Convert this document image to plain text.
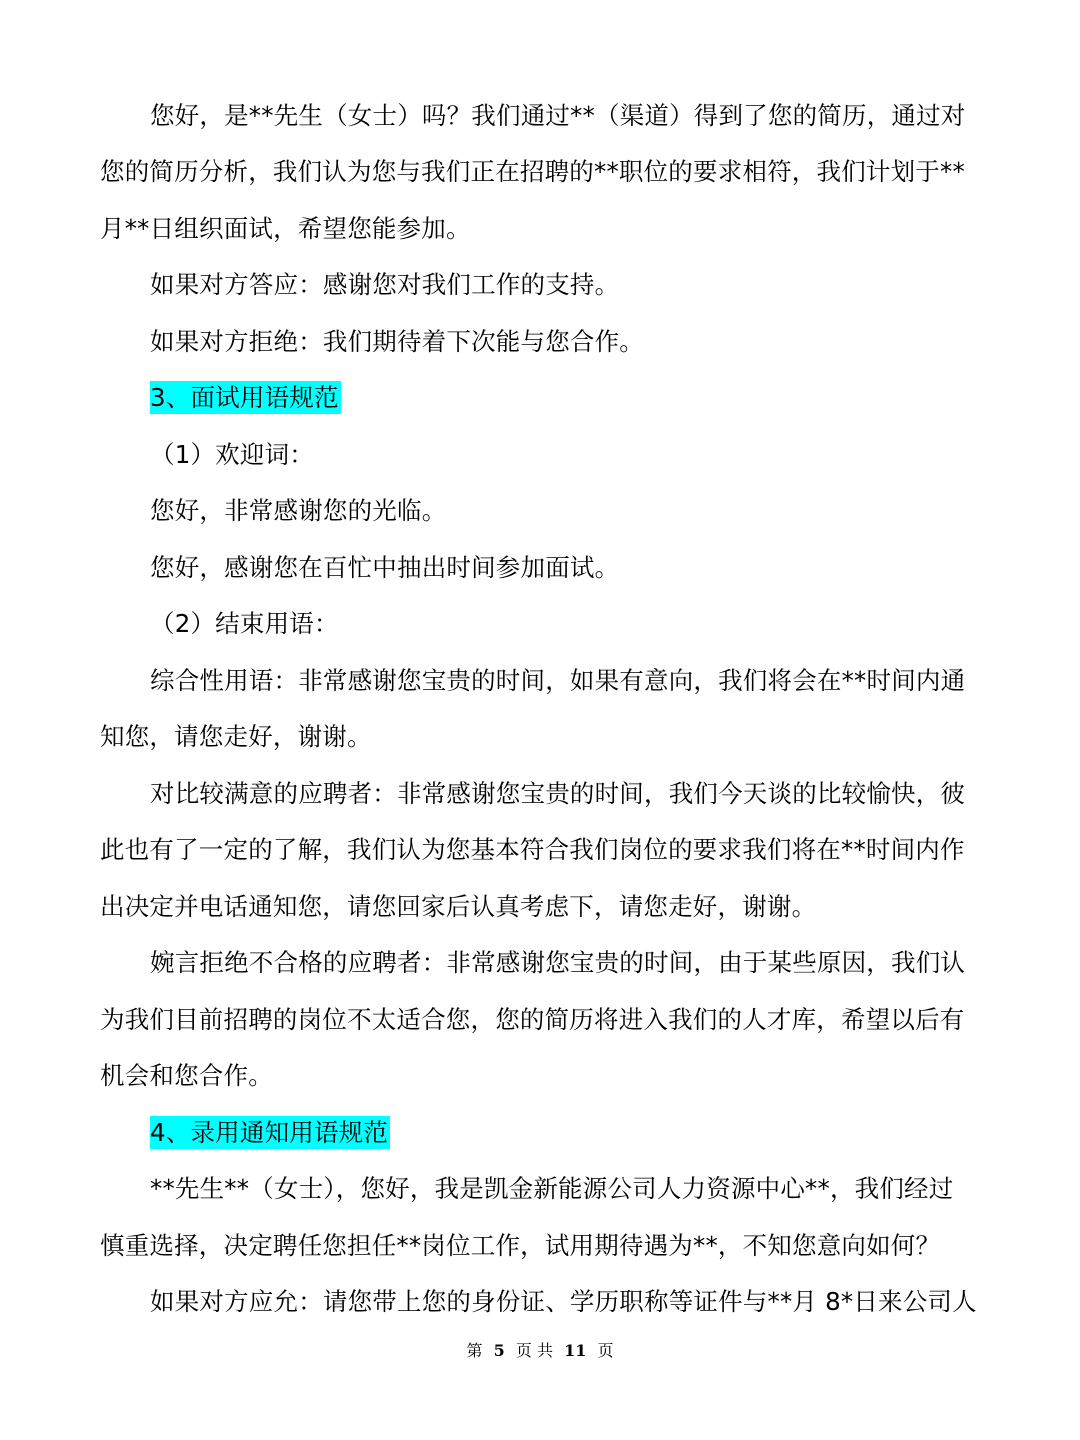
您好，是**先生（女士）吗？我们通过**（渠道）得到了您的简历，通过对
您的简历分析，我们认为您与我们正在招聘的**职位的要求相符，我们计划于**
月**日组织面试，希望您能参加。
如果对方答应：感谢您对我们工作的支持。
如果对方拒绝：我们期待着下次能与您合作。
3、面试用语规范
（1）欢迎词：
您好，非常感谢您的光临。
您好，感谢您在百忙中抽出时间参加面试。
（2）结束用语：
综合性用语：非常感谢您宝贵的时间，如果有意向，我们将会在**时间内通
知您，请您走好，谢谢。
对比较满意的应聘者：非常感谢您宝贵的时间，我们今天谈的比较愉快，彼
此也有了一定的了解，我们认为您基本符合我们岗位的要求我们将在**时间内作
出决定并电话通知您，请您回家后认真考虑下，请您走好，谢谢。
婉言拒绝不合格的应聘者：非常感谢您宝贵的时间，由于某些原因，我们认
为我们目前招聘的岗位不太适合您，您的简历将进入我们的人才库，希望以后有
机会和您合作。
4、录用通知用语规范
**先生**（女士），您好，我是凯金新能源公司人力资源中心**，我们经过
慎重选择，决定聘任您担任**岗位工作，试用期待遇为**，不知您意向如何？
如果对方应允：请您带上您的身份证、学历职称等证件与**月 8*日来公司人
第 5 页 共 11 页
